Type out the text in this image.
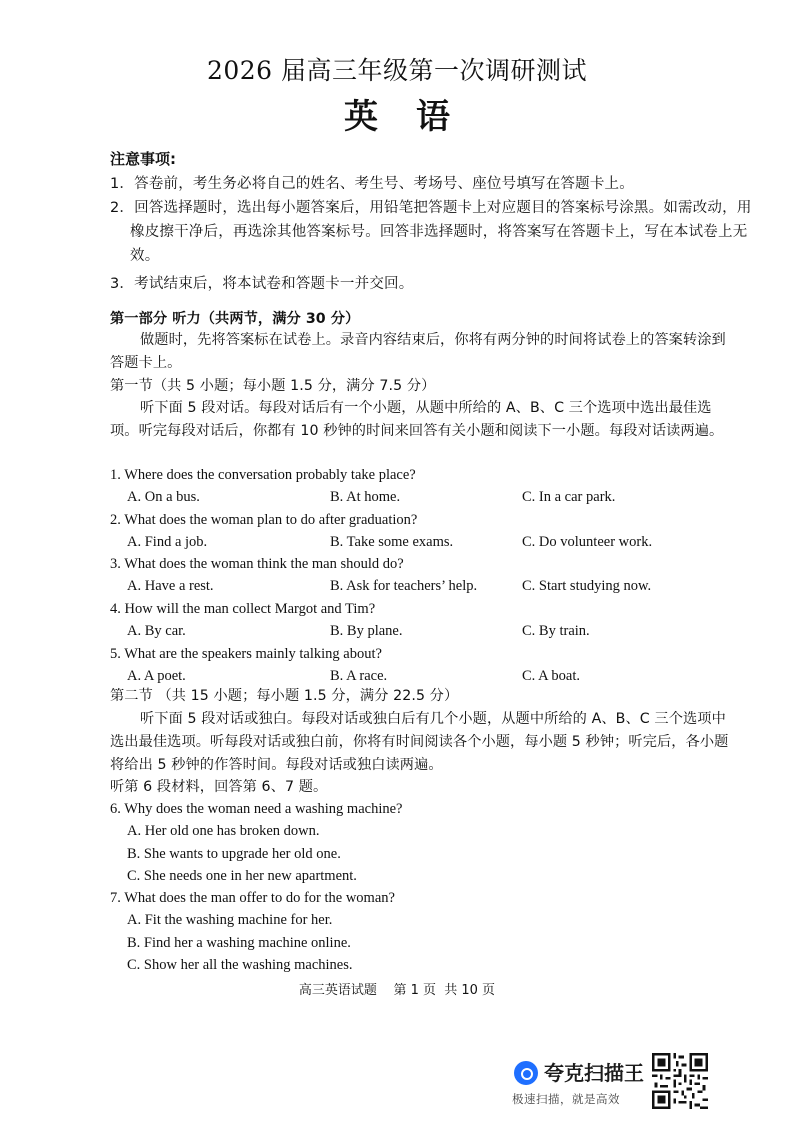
2026 届高三年级第一次调研测试
英语
注意事项:
1．答卷前，考生务必将自己的姓名、考生号、考场号、座位号填写在答题卡上。
2．回答选择题时，选出每小题答案后，用铅笔把答题卡上对应题目的答案标号涂黑。如需改动，用橡皮擦干净后，再选涂其他答案标号。回答非选择题时，将答案写在答题卡上，写在本试卷上无效。
3．考试结束后，将本试卷和答题卡一并交回。
第一部分 听力（共两节，满分 30 分）
做题时，先将答案标在试卷上。录音内容结束后，你将有两分钟的时间将试卷上的答案转涂到答题卡上。
第一节（共 5 小题；每小题 1.5 分，满分 7.5 分）
听下面 5 段对话。每段对话后有一个小题，从题中所给的 A、B、C 三个选项中选出最佳选项。听完每段对话后，你都有 10 秒钟的时间来回答有关小题和阅读下一小题。每段对话读两遍。
1. Where does the conversation probably take place?
A. On a bus.	B. At home.	C. In a car park.
2. What does the woman plan to do after graduation?
A. Find a job.	B. Take some exams.	C. Do volunteer work.
3. What does the woman think the man should do?
A. Have a rest.	B. Ask for teachers’ help.	C. Start studying now.
4. How will the man collect Margot and Tim?
A. By car.	B. By plane.	C. By train.
5. What are the speakers mainly talking about?
A. A poet.	B. A race.	C. A boat.
第二节 （共 15 小题；每小题 1.5 分，满分 22.5 分）
听下面 5 段对话或独白。每段对话或独白后有几个小题，从题中所给的 A、B、C 三个选项中选出最佳选项。听每段对话或独白前，你将有时间阅读各个小题，每小题 5 秒钟；听完后，各小题将给出 5 秒钟的作答时间。每段对话或独白读两遍。
听第 6 段材料，回答第 6、7 题。
6. Why does the woman need a washing machine?
A. Her old one has broken down.
B. She wants to upgrade her old one.
C. She needs one in her new apartment.
7. What does the man offer to do for the woman?
A. Fit the washing machine for her.
B. Find her a washing machine online.
C. Show her all the washing machines.
高三英语试题    第 1 页  共 10 页
夸克扫描王
极速扫描，就是高效
